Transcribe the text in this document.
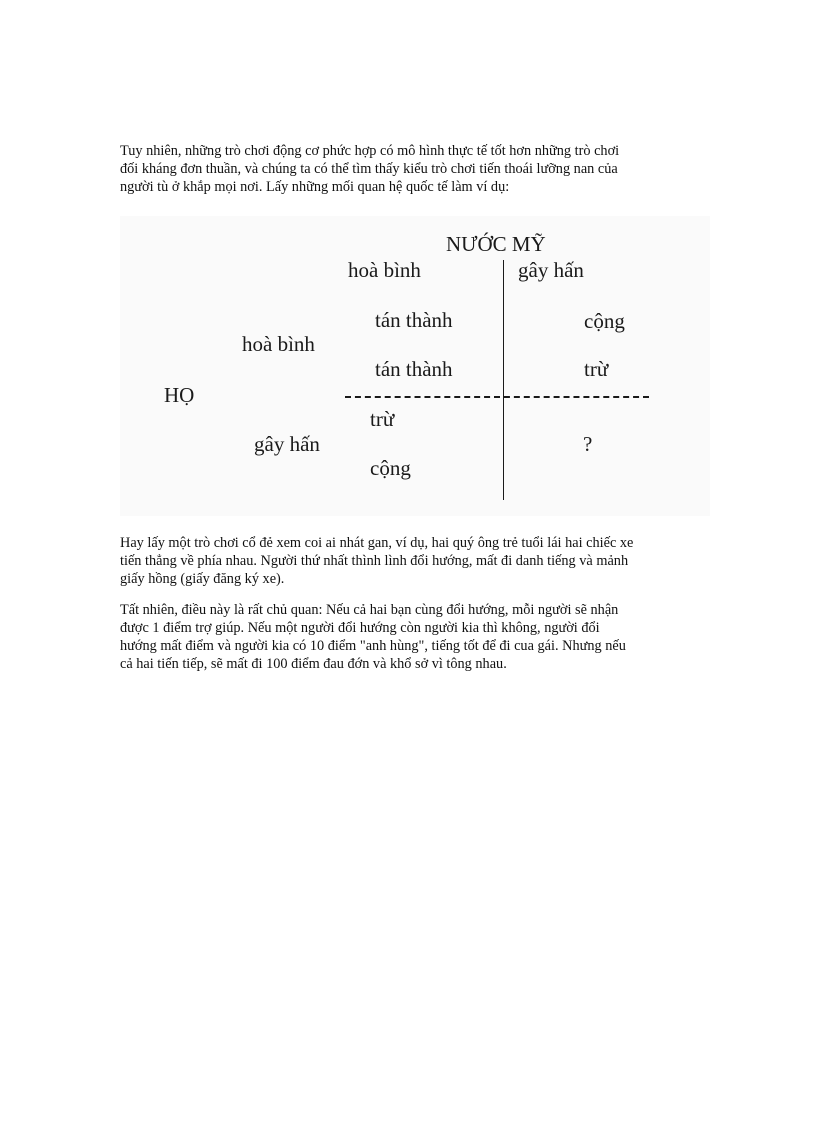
Tuy nhiên, những trò chơi động cơ phức hợp có mô hình thực tế tốt hơn những trò chơi
đối kháng đơn thuần, và chúng ta có thể tìm thấy kiểu trò chơi tiến thoái lưỡng nan của
người tù ở khắp mọi nơi. Lấy những mối quan hệ quốc tế làm ví dụ:
NƯỚC MỸ
hoà bình	gây hấn
hoà bình
HỌ
gây hấn
tán thành
tán thành
cộng
trừ
trừ
cộng
?
Hay lấy một trò chơi cổ đẻ xem coi ai nhát gan, ví dụ, hai quý ông trẻ tuổi lái hai chiếc xe
tiến thẳng về phía nhau. Người thứ nhất thình lình đổi hướng, mất đi danh tiếng và mảnh
giấy hồng (giấy đăng ký xe).
Tất nhiên, điều này là rất chủ quan: Nếu cả hai bạn cùng đổi hướng, mỗi người sẽ nhận
được 1 điểm trợ giúp. Nếu một người đổi hướng còn người kia thì không, người đổi
hướng mất điểm và người kia có 10 điểm "anh hùng", tiếng tốt để đi cua gái. Nhưng nếu
cả hai tiến tiếp, sẽ mất đi 100 điểm đau đớn và khổ sở vì tông nhau.
